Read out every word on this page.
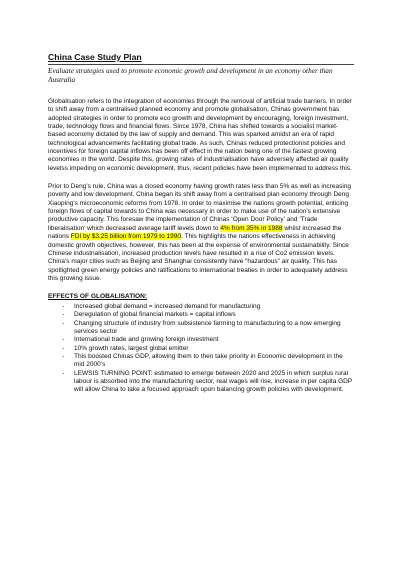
China Case Study Plan
Evaluate strategies used to promote economic growth and development in an economy other than Australia

Globalisation refers to the integration of economies through the removal of artificial trade barriers. In order to shift away from a centralised planned economy and promote globalisation, Chinas government has adopted strategies in order to promote eco growth and development by encouraging, foreign investment, trade, technology flows and financial flows. Since 1978, China has shifted towards a socialist market-based economy dictated by the law of supply and demand. This was sparked amidst an era of rapid technological advancements facilitating global trade. As such, Chinas reduced protectionist policies and incentives for foreign capital inflows has been off effect in the nation being one of the fastest growing economies in the world. Despite this, growing rates of industrialisation have adversely affected air quality levelss impeding on economic development, thus, recent policies have been implemented to address this.

Prior to Deng’s rule, China was a closed economy having growth rates less than 5% as well as increasing poverty and low development. China began its shift away from a centralised plan economy through Deng Xiaoping’s microeconomic reforms from 1978. In order to maximise the nations growth potential, enticing foreign flows of capital towards to China was necessary in order to make use of the nation’s extensive productive capacity. This foresaw the implementation of Chinas ‘Open Door Policy’ and ‘Trade liberalisation’ which decreased average tariff levels down to 4% from 35% in 1988 whilst increased the nations FDI by $3.25 billion from 1979 to 1990. This highlights the nations effectiveness in achieving domestic growth objectives, however, this has been at the expense of environmental sustainability. Since Chinese industrialisation, increased production levels have resulted in a rise of Co2 emission levels. China’s major cities such as Beijing and Shanghai consistently have “hazardous” air quality. This has spotlighted green energy policies and ratifications to international treaties in order to adequately address this growing issue.

EFFECTS OF GLOBALISATION:
- Increased global demand = increased demand for manufacturing
- Deregulation of global financial markets = capital inflows
- Changing structure of industry from subsistence farming to manufacturing to a now emerging services sector
- International trade and growing foreign investment
- 10% growth rates, largest global emitter
- This boosted Chinas GDP, allowing them to then take priority in Economic development in the mid 2000’s
- LEWSIS TURNING POINT: estimated to emerge between 2020 and 2025 in which surplus rural labour is absorbed into the manufacturing sector, real wages will rise, increase in per capita GDP will allow China to take a focused approach upon balancing growth policies with development.
